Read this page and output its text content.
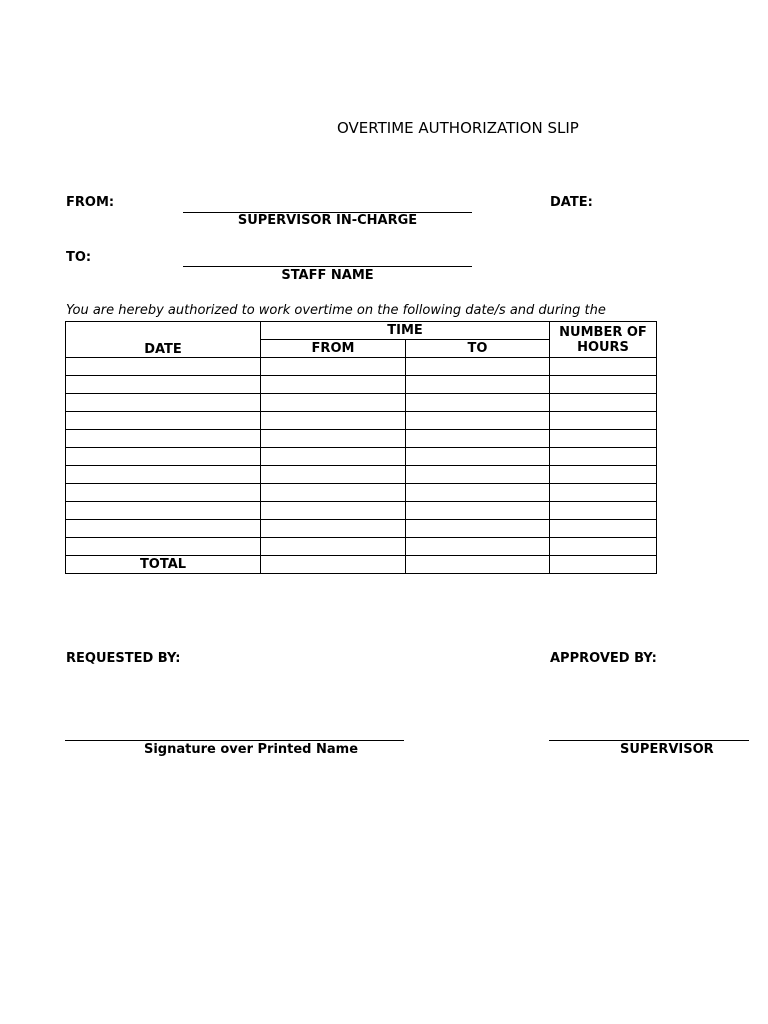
OVERTIME AUTHORIZATION SLIP
FROM:
SUPERVISOR IN-CHARGE
DATE:
TO:
STAFF NAME
You are hereby authorized to work overtime on the following date/s and during the
DATE	TIME		NUMBER OF
HOURS

	FROM	TO	

TOTAL			
REQUESTED BY:	APPROVED BY:
Signature over Printed Name	SUPERVISOR
